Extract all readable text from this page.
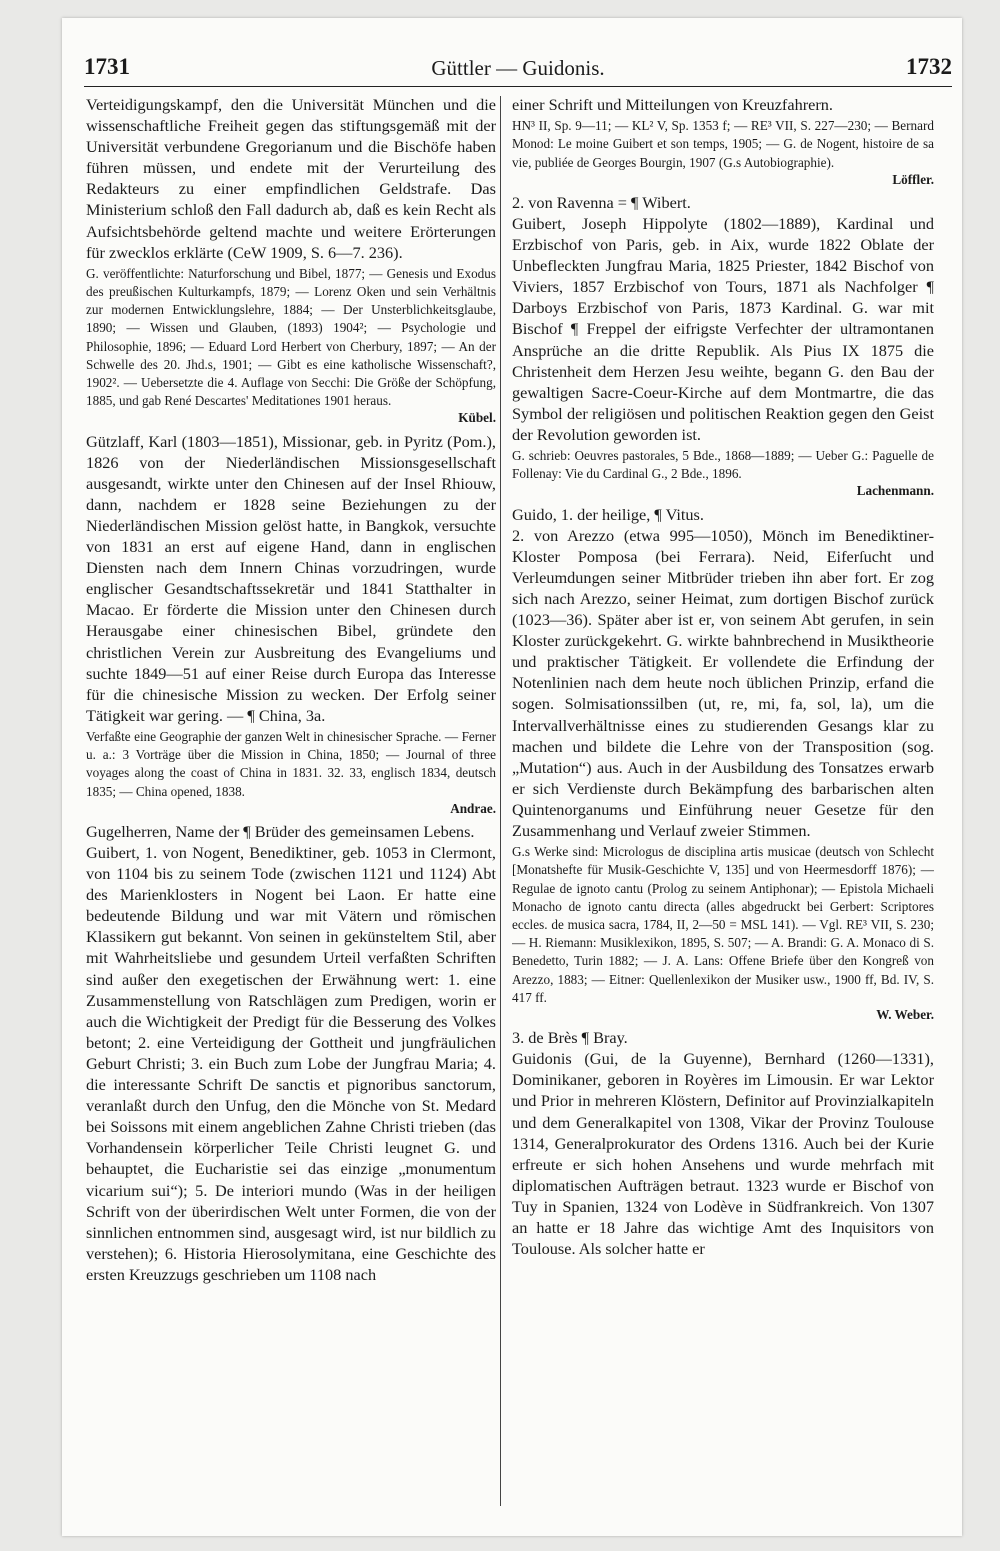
1731	Güttler — Guidonis.	1732

Verteidigungskampf, den die Universität München und die wissenschaftliche Freiheit gegen das stiftungsgemäß mit der Universität verbundene Gregorianum und die Bischöfe haben führen müssen, und endete mit der Verurteilung des Redakteurs zu einer empfindlichen Geldstrafe. Das Ministerium schloß den Fall dadurch ab, daß es kein Recht als Aufsichtsbehörde geltend machte und weitere Erörterungen für zwecklos erklärte (CeW 1909, S. 6—7. 236).

G. veröffentlichte: Naturforschung und Bibel, 1877; — Genesis und Exodus des preußischen Kulturkampfs, 1879; — Lorenz Oken und sein Verhältnis zur modernen Entwicklungslehre, 1884; — Der Unsterblichkeitsglaube, 1890; — Wissen und Glauben, (1893) 1904²; — Psychologie und Philosophie, 1896; — Eduard Lord Herbert von Cherbury, 1897; — An der Schwelle des 20. Jhd.s, 1901; — Gibt es eine katholische Wissenschaft?, 1902². — Uebersetzte die 4. Auflage von Secchi: Die Größe der Schöpfung, 1885, und gab René Descartes' Meditationes 1901 heraus.

Kübel.

Gützlaff, Karl (1803—1851), Missionar, geb. in Pyritz (Pom.), 1826 von der Niederländischen Missionsgesellschaft ausgesandt, wirkte unter den Chinesen auf der Insel Rhiouw, dann, nachdem er 1828 seine Beziehungen zu der Niederländischen Mission gelöst hatte, in Bangkok, versuchte von 1831 an erst auf eigene Hand, dann in englischen Diensten nach dem Innern Chinas vorzudringen, wurde englischer Gesandtschaftssekretär und 1841 Statthalter in Macao. Er förderte die Mission unter den Chinesen durch Herausgabe einer chinesischen Bibel, gründete den christlichen Verein zur Ausbreitung des Evangeliums und suchte 1849—51 auf einer Reise durch Europa das Interesse für die chinesische Mission zu wecken. Der Erfolg seiner Tätigkeit war gering. — ¶ China, 3a.

Verfaßte eine Geographie der ganzen Welt in chinesischer Sprache. — Ferner u. a.: 3 Vorträge über die Mission in China, 1850; — Journal of three voyages along the coast of China in 1831. 32. 33, englisch 1834, deutsch 1835; — China opened, 1838.

Andrae.

Gugelherren, Name der ¶ Brüder des gemeinsamen Lebens.

Guibert, 1. von Nogent, Benediktiner, geb. 1053 in Clermont, von 1104 bis zu seinem Tode (zwischen 1121 und 1124) Abt des Marienklosters in Nogent bei Laon. Er hatte eine bedeutende Bildung und war mit Vätern und römischen Klassikern gut bekannt. Von seinen in gekünsteltem Stil, aber mit Wahrheitsliebe und gesundem Urteil verfaßten Schriften sind außer den exegetischen der Erwähnung wert: 1. eine Zusammenstellung von Ratschlägen zum Predigen, worin er auch die Wichtigkeit der Predigt für die Besserung des Volkes betont; 2. eine Verteidigung der Gottheit und jungfräulichen Geburt Christi; 3. ein Buch zum Lobe der Jungfrau Maria; 4. die interessante Schrift De sanctis et pignoribus sanctorum, veranlaßt durch den Unfug, den die Mönche von St. Medard bei Soissons mit einem angeblichen Zahne Christi trieben (das Vorhandensein körperlicher Teile Christi leugnet G. und behauptet, die Eucharistie sei das einzige „monumentum vicarium sui“); 5. De interiori mundo (Was in der heiligen Schrift von der überirdischen Welt unter Formen, die von der sinnlichen entnommen sind, ausgesagt wird, ist nur bildlich zu verstehen); 6. Historia Hierosolymitana, eine Geschichte des ersten Kreuzzugs geschrieben um 1108 nach

einer Schrift und Mitteilungen von Kreuzfahrern.

HN³ II, Sp. 9—11; — KL² V, Sp. 1353 f; — RE³ VII, S. 227—230; — Bernard Monod: Le moine Guibert et son temps, 1905; — G. de Nogent, histoire de sa vie, publiée de Georges Bourgin, 1907 (G.s Autobiographie).

Löffler.

2. von Ravenna = ¶ Wibert.

Guibert, Joseph Hippolyte (1802—1889), Kardinal und Erzbischof von Paris, geb. in Aix, wurde 1822 Oblate der Unbefleckten Jungfrau Maria, 1825 Priester, 1842 Bischof von Viviers, 1857 Erzbischof von Tours, 1871 als Nachfolger ¶ Darboys Erzbischof von Paris, 1873 Kardinal. G. war mit Bischof ¶ Freppel der eifrigste Verfechter der ultramontanen Ansprüche an die dritte Republik. Als Pius IX 1875 die Christenheit dem Herzen Jesu weihte, begann G. den Bau der gewaltigen Sacre-Coeur-Kirche auf dem Montmartre, die das Symbol der religiösen und politischen Reaktion gegen den Geist der Revolution geworden ist.

G. schrieb: Oeuvres pastorales, 5 Bde., 1868—1889; — Ueber G.: Paguelle de Follenay: Vie du Cardinal G., 2 Bde., 1896.

Lachenmann.

Guido, 1. der heilige, ¶ Vitus.

2. von Arezzo (etwa 995—1050), Mönch im Benediktiner-Kloster Pomposa (bei Ferrara). Neid, Eiferſucht und Verleumdungen seiner Mitbrüder trieben ihn aber fort. Er zog sich nach Arezzo, seiner Heimat, zum dortigen Bischof zurück (1023—36). Später aber ist er, von seinem Abt gerufen, in sein Kloster zurückgekehrt. G. wirkte bahnbrechend in Musiktheorie und praktischer Tätigkeit. Er vollendete die Erfindung der Notenlinien nach dem heute noch üblichen Prinzip, erfand die sogen. Solmisationssilben (ut, re, mi, fa, sol, la), um die Intervallverhältnisse eines zu studierenden Gesangs klar zu machen und bildete die Lehre von der Transposition (sog. „Mutation“) aus. Auch in der Ausbildung des Tonsatzes erwarb er sich Verdienste durch Bekämpfung des barbarischen alten Quintenorganums und Einführung neuer Gesetze für den Zusammenhang und Verlauf zweier Stimmen.

G.s Werke sind: Micrologus de disciplina artis musicae (deutsch von Schlecht [Monatshefte für Musik-Geschichte V, 135] und von Heermesdorff 1876); — Regulae de ignoto cantu (Prolog zu seinem Antiphonar); — Epistola Michaeli Monacho de ignoto cantu directa (alles abgedruckt bei Gerbert: Scriptores eccles. de musica sacra, 1784, II, 2—50 = MSL 141). — Vgl. RE³ VII, S. 230; — H. Riemann: Musiklexikon, 1895, S. 507; — A. Brandi: G. A. Monaco di S. Benedetto, Turin 1882; — J. A. Lans: Offene Briefe über den Kongreß von Arezzo, 1883; — Eitner: Quellenlexikon der Musiker usw., 1900 ff, Bd. IV, S. 417 ff.

W. Weber.

3. de Brès ¶ Bray.

Guidonis (Gui, de la Guyenne), Bernhard (1260—1331), Dominikaner, geboren in Royères im Limousin. Er war Lektor und Prior in mehreren Klöstern, Definitor auf Provinzialkapiteln und dem Generalkapitel von 1308, Vikar der Provinz Toulouse 1314, Generalprokurator des Ordens 1316. Auch bei der Kurie erfreute er sich hohen Ansehens und wurde mehrfach mit diplomatischen Aufträgen betraut. 1323 wurde er Bischof von Tuy in Spanien, 1324 von Lodève in Südfrankreich. Von 1307 an hatte er 18 Jahre das wichtige Amt des Inquisitors von Toulouse. Als solcher hatte er
